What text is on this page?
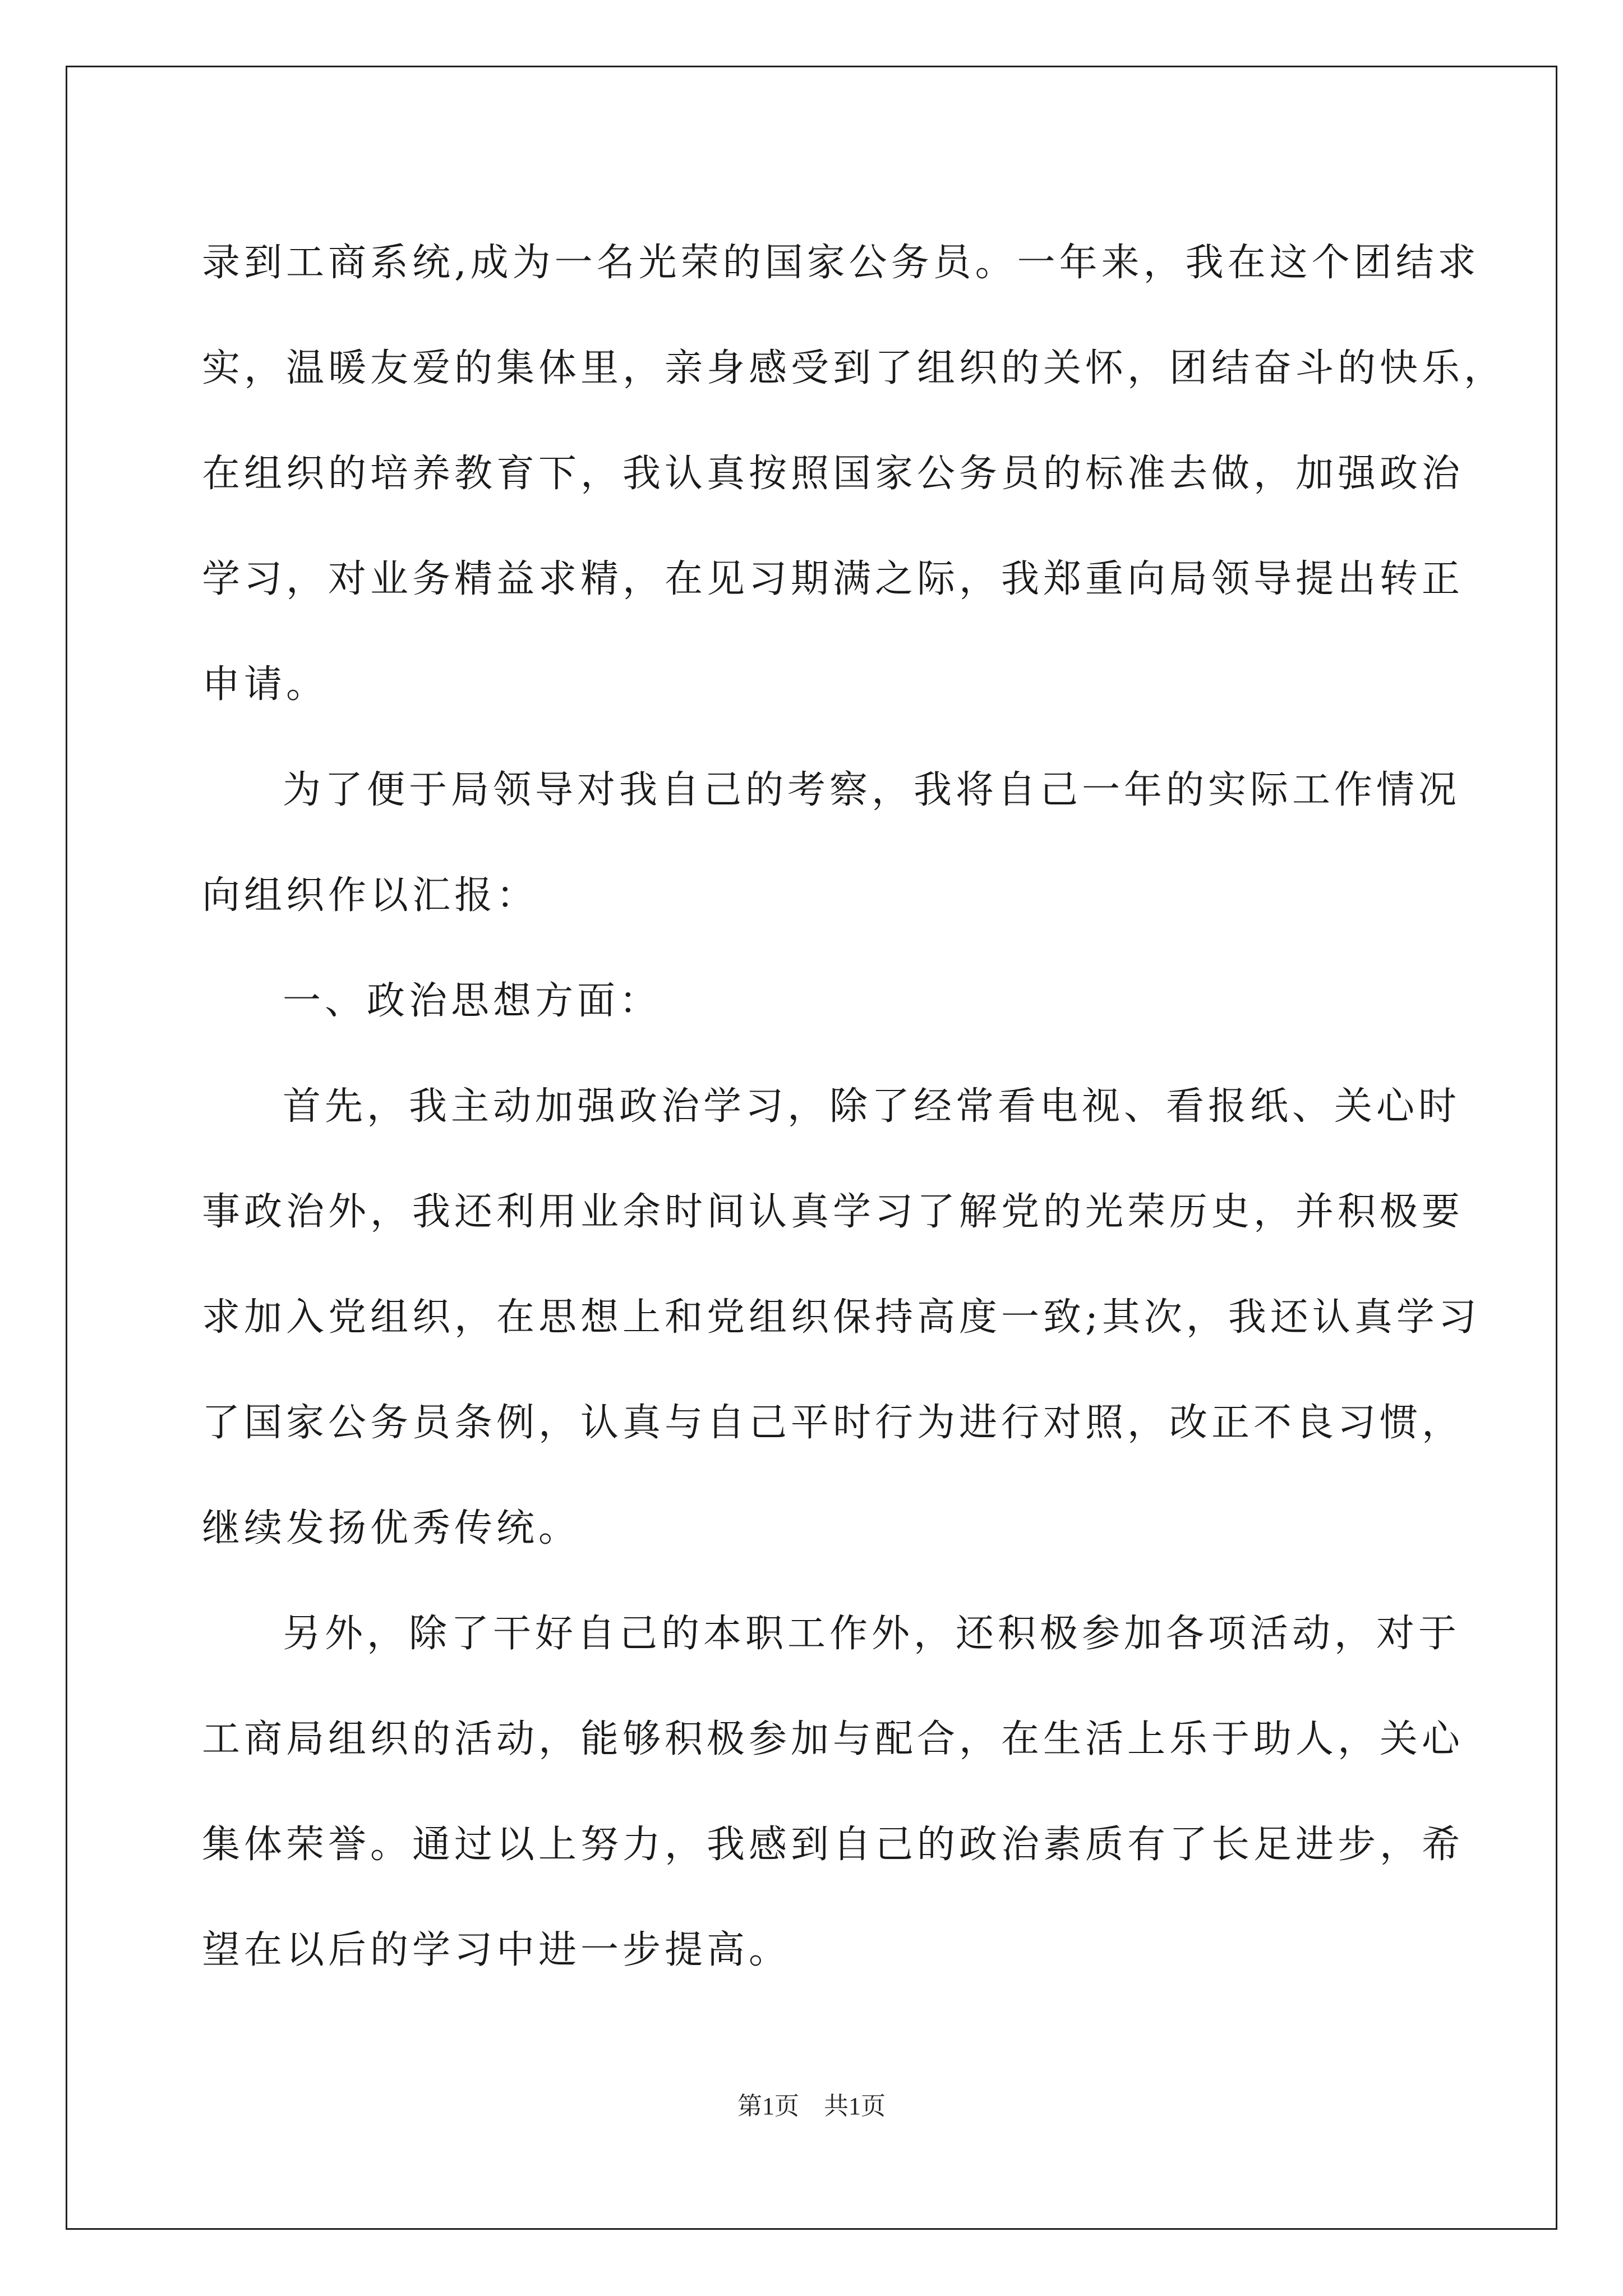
录到工商系统,成为一名光荣的国家公务员。一年来，我在这个团结求
实，温暖友爱的集体里，亲身感受到了组织的关怀，团结奋斗的快乐，
在组织的培养教育下，我认真按照国家公务员的标准去做，加强政治
学习，对业务精益求精，在见习期满之际，我郑重向局领导提出转正
申请。
为了便于局领导对我自己的考察，我将自己一年的实际工作情况
向组织作以汇报：
一、政治思想方面：
首先，我主动加强政治学习，除了经常看电视、看报纸、关心时
事政治外，我还利用业余时间认真学习了解党的光荣历史，并积极要
求加入党组织，在思想上和党组织保持高度一致;其次，我还认真学习
了国家公务员条例，认真与自己平时行为进行对照，改正不良习惯，
继续发扬优秀传统。
另外，除了干好自己的本职工作外，还积极参加各项活动，对于
工商局组织的活动，能够积极参加与配合，在生活上乐于助人，关心
集体荣誉。通过以上努力，我感到自己的政治素质有了长足进步，希
望在以后的学习中进一步提高。
第1页　共1页
